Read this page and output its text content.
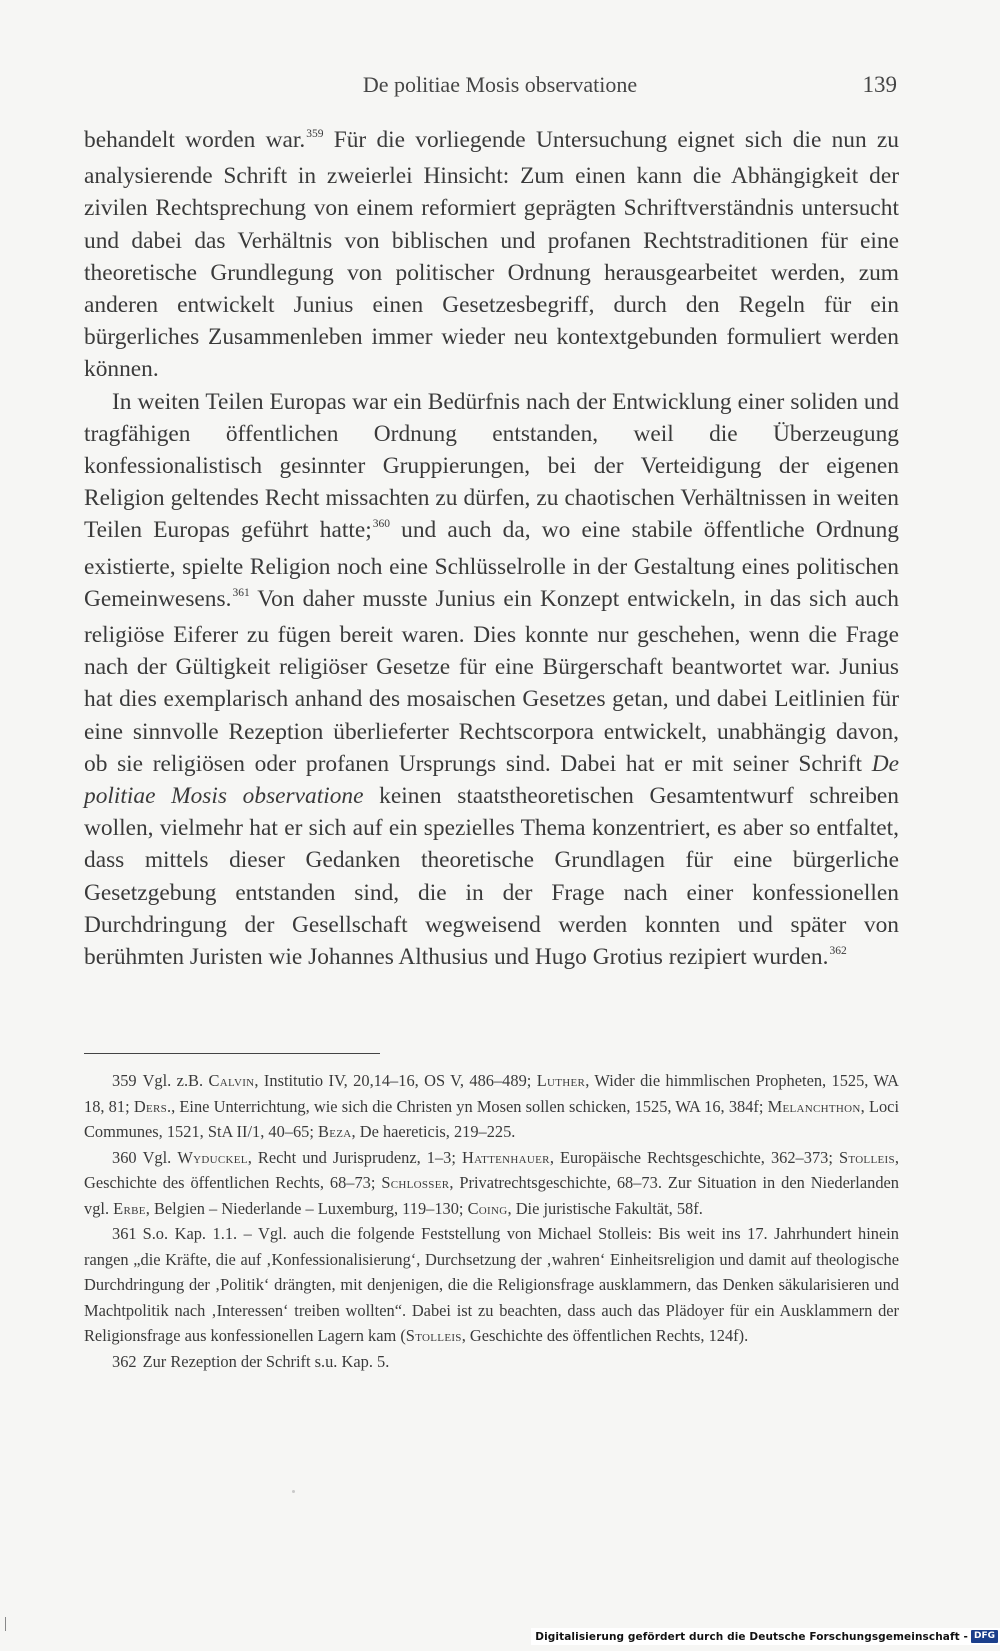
De politiae Mosis observatione	139

behandelt worden war.$^{359}$ Für die vorliegende Untersuchung eignet sich die nun zu analysierende Schrift in zweierlei Hinsicht: Zum einen kann die Abhängigkeit der zivilen Rechtsprechung von einem reformiert geprägten Schriftverständnis untersucht und dabei das Verhältnis von biblischen und profanen Rechtstraditionen für eine theoretische Grundlegung von politischer Ordnung herausgearbeitet werden, zum anderen entwickelt Junius einen Gesetzesbegriff, durch den Regeln für ein bürgerliches Zusammenleben immer wieder neu kontextgebunden formuliert werden können.

In weiten Teilen Europas war ein Bedürfnis nach der Entwicklung einer soliden und tragfähigen öffentlichen Ordnung entstanden, weil die Überzeugung konfessionalistisch gesinnter Gruppierungen, bei der Verteidigung der eigenen Religion geltendes Recht missachten zu dürfen, zu chaotischen Verhältnissen in weiten Teilen Europas geführt hatte;$^{360}$ und auch da, wo eine stabile öffentliche Ordnung existierte, spielte Religion noch eine Schlüsselrolle in der Gestaltung eines politischen Gemeinwesens.$^{361}$ Von daher musste Junius ein Konzept entwickeln, in das sich auch religiöse Eiferer zu fügen bereit waren. Dies konnte nur geschehen, wenn die Frage nach der Gültigkeit religiöser Gesetze für eine Bürgerschaft beantwortet war. Junius hat dies exemplarisch anhand des mosaischen Gesetzes getan, und dabei Leitlinien für eine sinnvolle Rezeption überlieferter Rechtscorpora entwickelt, unabhängig davon, ob sie religiösen oder profanen Ursprungs sind. Dabei hat er mit seiner Schrift De politiae Mosis observatione keinen staatstheoretischen Gesamtentwurf schreiben wollen, vielmehr hat er sich auf ein spezielles Thema konzentriert, es aber so entfaltet, dass mittels dieser Gedanken theoretische Grundlagen für eine bürgerliche Gesetzgebung entstanden sind, die in der Frage nach einer konfessionellen Durchdringung der Gesellschaft wegweisend werden konnten und später von berühmten Juristen wie Johannes Althusius und Hugo Grotius rezipiert wurden.$^{362}$

359 Vgl. z.B. Calvin, Institutio IV, 20,14–16, OS V, 486–489; Luther, Wider die himmlischen Propheten, 1525, WA 18, 81; Ders., Eine Unterrichtung, wie sich die Christen yn Mosen sollen schicken, 1525, WA 16, 384f; Melanchthon, Loci Communes, 1521, StA II/1, 40–65; Beza, De haereticis, 219–225.

360 Vgl. Wyduckel, Recht und Jurisprudenz, 1–3; Hattenhauer, Europäische Rechtsgeschichte, 362–373; Stolleis, Geschichte des öffentlichen Rechts, 68–73; Schlosser, Privatrechtsgeschichte, 68–73. Zur Situation in den Niederlanden vgl. Erbe, Belgien – Niederlande – Luxemburg, 119–130; Coing, Die juristische Fakultät, 58f.

361 S.o. Kap. 1.1. – Vgl. auch die folgende Feststellung von Michael Stolleis: Bis weit ins 17. Jahrhundert hinein rangen „die Kräfte, die auf ‚Konfessionalisierung‘, Durchsetzung der ‚wahren‘ Einheitsreligion und damit auf theologische Durchdringung der ‚Politik‘ drängten, mit denjenigen, die die Religionsfrage ausklammern, das Denken säkularisieren und Machtpolitik nach ‚Interessen‘ treiben wollten“. Dabei ist zu beachten, dass auch das Plädoyer für ein Ausklammern der Religionsfrage aus konfessionellen Lagern kam (Stolleis, Geschichte des öffentlichen Rechts, 124f).

362 Zur Rezeption der Schrift s.u. Kap. 5.

Digitalisierung gefördert durch die Deutsche Forschungsgemeinschaft - DFG
